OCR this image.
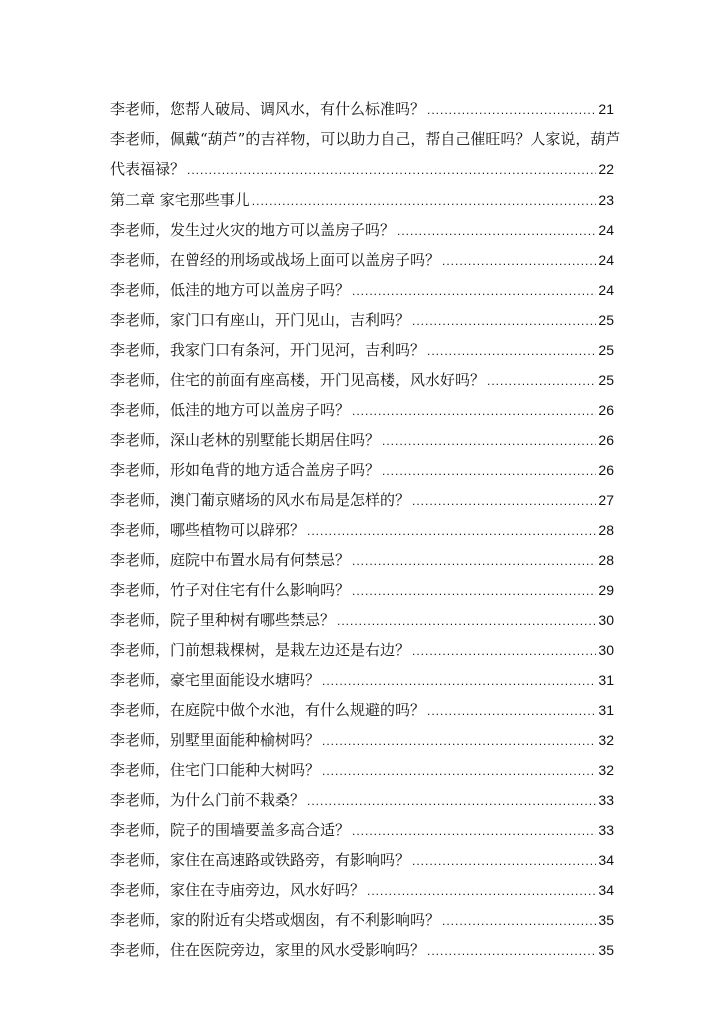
李老师，您帮人破局、调风水，有什么标准吗？ .....	21
李老师，佩戴“葫芦”的吉祥物，可以助力自己，帮自己催旺吗？人家说，葫芦
代表福禄？ .....	22
第二章 家宅那些事儿 .....	23
李老师，发生过火灾的地方可以盖房子吗？ .....	24
李老师，在曾经的刑场或战场上面可以盖房子吗？ .....	24
李老师，低洼的地方可以盖房子吗？ .....	24
李老师，家门口有座山，开门见山，吉利吗？ .....	25
李老师，我家门口有条河，开门见河，吉利吗？ .....	25
李老师，住宅的前面有座高楼，开门见高楼，风水好吗？ .....	25
李老师，低洼的地方可以盖房子吗？ .....	26
李老师，深山老林的别墅能长期居住吗？ .....	26
李老师，形如龟背的地方适合盖房子吗？ .....	26
李老师，澳门葡京赌场的风水布局是怎样的？ .....	27
李老师，哪些植物可以辟邪？ .....	28
李老师，庭院中布置水局有何禁忌？ .....	28
李老师，竹子对住宅有什么影响吗？ .....	29
李老师，院子里种树有哪些禁忌？ .....	30
李老师，门前想栽棵树，是栽左边还是右边？ .....	30
李老师，豪宅里面能设水塘吗？ .....	31
李老师，在庭院中做个水池，有什么规避的吗？ .....	31
李老师，别墅里面能种榆树吗？ .....	32
李老师，住宅门口能种大树吗？ .....	32
李老师，为什么门前不栽桑？ .....	33
李老师，院子的围墙要盖多高合适？ .....	33
李老师，家住在高速路或铁路旁，有影响吗？ .....	34
李老师，家住在寺庙旁边，风水好吗？ .....	34
李老师，家的附近有尖塔或烟囱，有不利影响吗？ .....	35
李老师，住在医院旁边，家里的风水受影响吗？ .....	35
